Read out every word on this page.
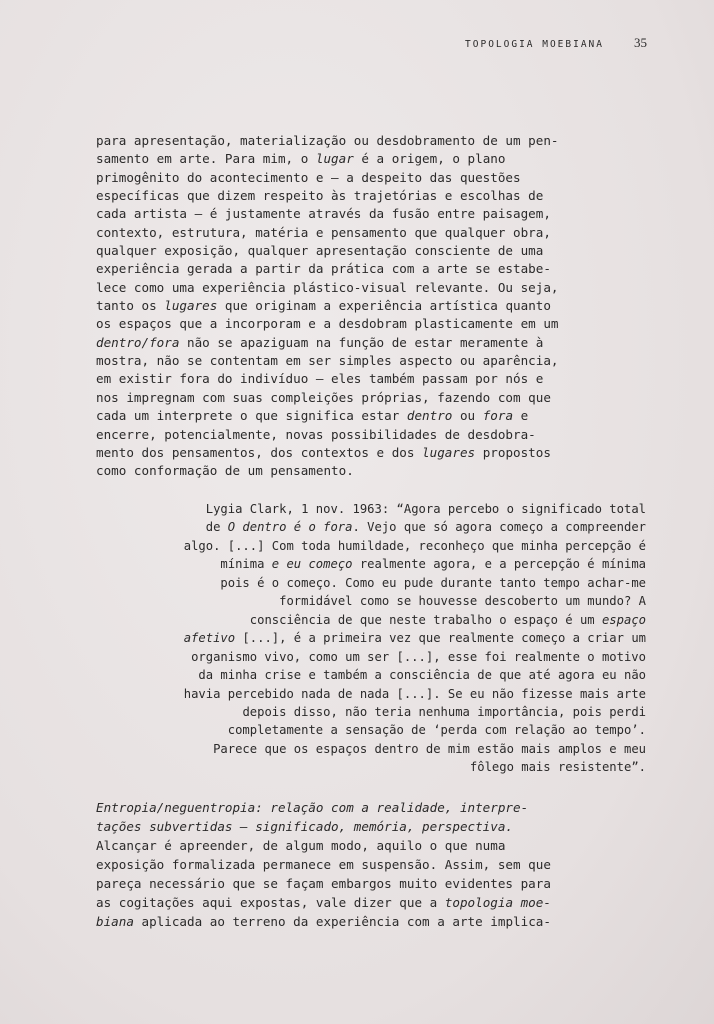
TOPOLOGIA MOEBIANA 35
para apresentação, materialização ou desdobramento de um pen-
samento em arte. Para mim, o lugar é a origem, o plano
primogênito do acontecimento e – a despeito das questões
específicas que dizem respeito às trajetórias e escolhas de
cada artista – é justamente através da fusão entre paisagem,
contexto, estrutura, matéria e pensamento que qualquer obra,
qualquer exposição, qualquer apresentação consciente de uma
experiência gerada a partir da prática com a arte se estabe-
lece como uma experiência plástico-visual relevante. Ou seja,
tanto os lugares que originam a experiência artística quanto
os espaços que a incorporam e a desdobram plasticamente em um
dentro/fora não se apaziguam na função de estar meramente à
mostra, não se contentam em ser simples aspecto ou aparência,
em existir fora do indivíduo – eles também passam por nós e
nos impregnam com suas compleições próprias, fazendo com que
cada um interprete o que significa estar dentro ou fora e
encerre, potencialmente, novas possibilidades de desdobra-
mento dos pensamentos, dos contextos e dos lugares propostos
como conformação de um pensamento.
Lygia Clark, 1 nov. 1963: “Agora percebo o significado total
de O dentro é o fora. Vejo que só agora começo a compreender
algo. [...] Com toda humildade, reconheço que minha percepção é
mínima e eu começo realmente agora, e a percepção é mínima
pois é o começo. Como eu pude durante tanto tempo achar-me
formidável como se houvesse descoberto um mundo? A
consciência de que neste trabalho o espaço é um espaço
afetivo [...], é a primeira vez que realmente começo a criar um
organismo vivo, como um ser [...], esse foi realmente o motivo
da minha crise e também a consciência de que até agora eu não
havia percebido nada de nada [...]. Se eu não fizesse mais arte
depois disso, não teria nenhuma importância, pois perdi
completamente a sensação de ‘perda com relação ao tempo’.
Parece que os espaços dentro de mim estão mais amplos e meu
fôlego mais resistente”.
Entropia/neguentropia: relação com a realidade, interpre-
tações subvertidas – significado, memória, perspectiva.
Alcançar é apreender, de algum modo, aquilo o que numa
exposição formalizada permanece em suspensão. Assim, sem que
pareça necessário que se façam embargos muito evidentes para
as cogitações aqui expostas, vale dizer que a topologia moe-
biana aplicada ao terreno da experiência com a arte implica-
